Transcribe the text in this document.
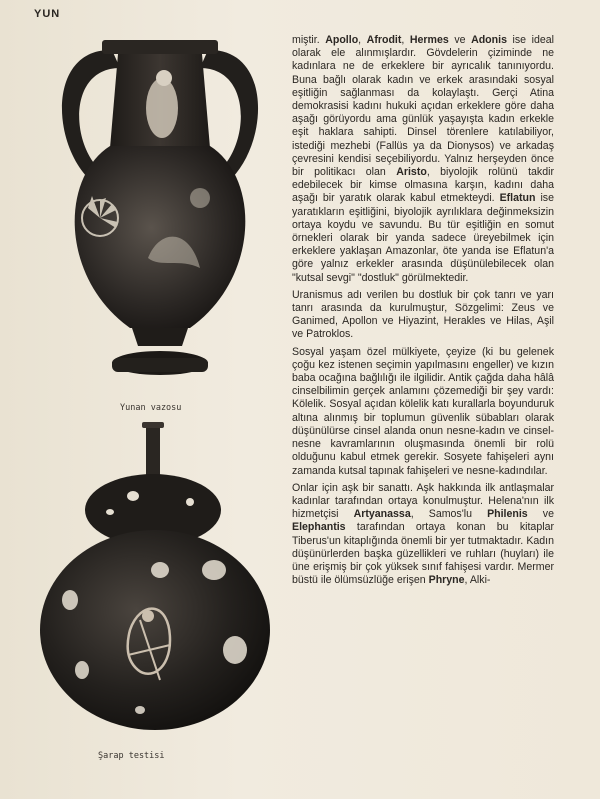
YUN
Yunan vazosu
Şarap testisi

miştir. Apollo, Afrodit, Hermes ve Adonis ise ideal olarak ele alınmışlardır. Gövdelerin çiziminde ne kadınlara ne de erkeklere bir ayrıcalık tanınıyordu. Buna bağlı olarak kadın ve erkek arasındaki sosyal eşitliğin sağlanması da kolaylaştı. Gerçi Atina demokrasisi kadını hukuki açıdan erkeklere göre daha aşağı görüyordu ama günlük yaşayışta kadın erkekle eşit haklara sahipti. Dinsel törenlere katılabiliyor, istediği mezhebi (Fallüs ya da Dionysos) ve arkadaş çevresini kendisi seçebiliyordu. Yalnız herşeyden önce bir politikacı olan Aristo, biyolojik rolünü takdir edebilecek bir kimse olmasına karşın, kadını daha aşağı bir yaratık olarak kabul etmekteydi. Eflatun ise yaratıkların eşitliğini, biyolojik ayrılıklara değinmeksizin ortaya koydu ve savundu. Bu tür eşitliğin en somut örnekleri olarak bir yanda sadece üreyebilmek için erkeklere yaklaşan Amazonlar, öte yanda ise Eflatun'a göre yalnız erkekler arasında düşünülebilecek olan "kutsal sevgi" "dostluk" görülmektedir.

Uranismus adı verilen bu dostluk bir çok tanrı ve yarı tanrı arasında da kurulmuştur, Sözgelimi: Zeus ve Ganimed, Apollon ve Hiyazint, Herakles ve Hilas, Aşil ve Patroklos.

Sosyal yaşam özel mülkiyete, çeyize (ki bu gelenek çoğu kez istenen seçimin yapılmasını engeller) ve kızın baba ocağına bağlılığı ile ilgilidir. Antik çağda daha hâlâ cinselbilimin gerçek anlamını çözemediği bir şey vardı: Kölelik. Sosyal açıdan kölelik katı kurallarla boyunduruk altına alınmış bir toplumun güvenlik sübabları olarak düşünülürse cinsel alanda onun nesne-kadın ve cinsel-nesne kavramlarının oluşmasında önemli bir rolü olduğunu kabul etmek gerekir. Sosyete fahişeleri aynı zamanda kutsal tapınak fahişeleri ve nesne-kadındılar.

Onlar için aşk bir sanattı. Aşk hakkında ilk antlaşmalar kadınlar tarafından ortaya konulmuştur. Helena'nın ilk hizmetçisi Artyanassa, Samos'lu Philenis ve Elephantis tarafından ortaya konan bu kitaplar Tiberus'un kitaplığında önemli bir yer tutmaktadır. Kadın düşünürlerden başka güzellikleri ve ruhları (huyları) ile üne erişmiş bir çok yüksek sınıf fahişesi vardır. Mermer büstü ile ölümsüzlüğe erişen Phryne, Alki-
